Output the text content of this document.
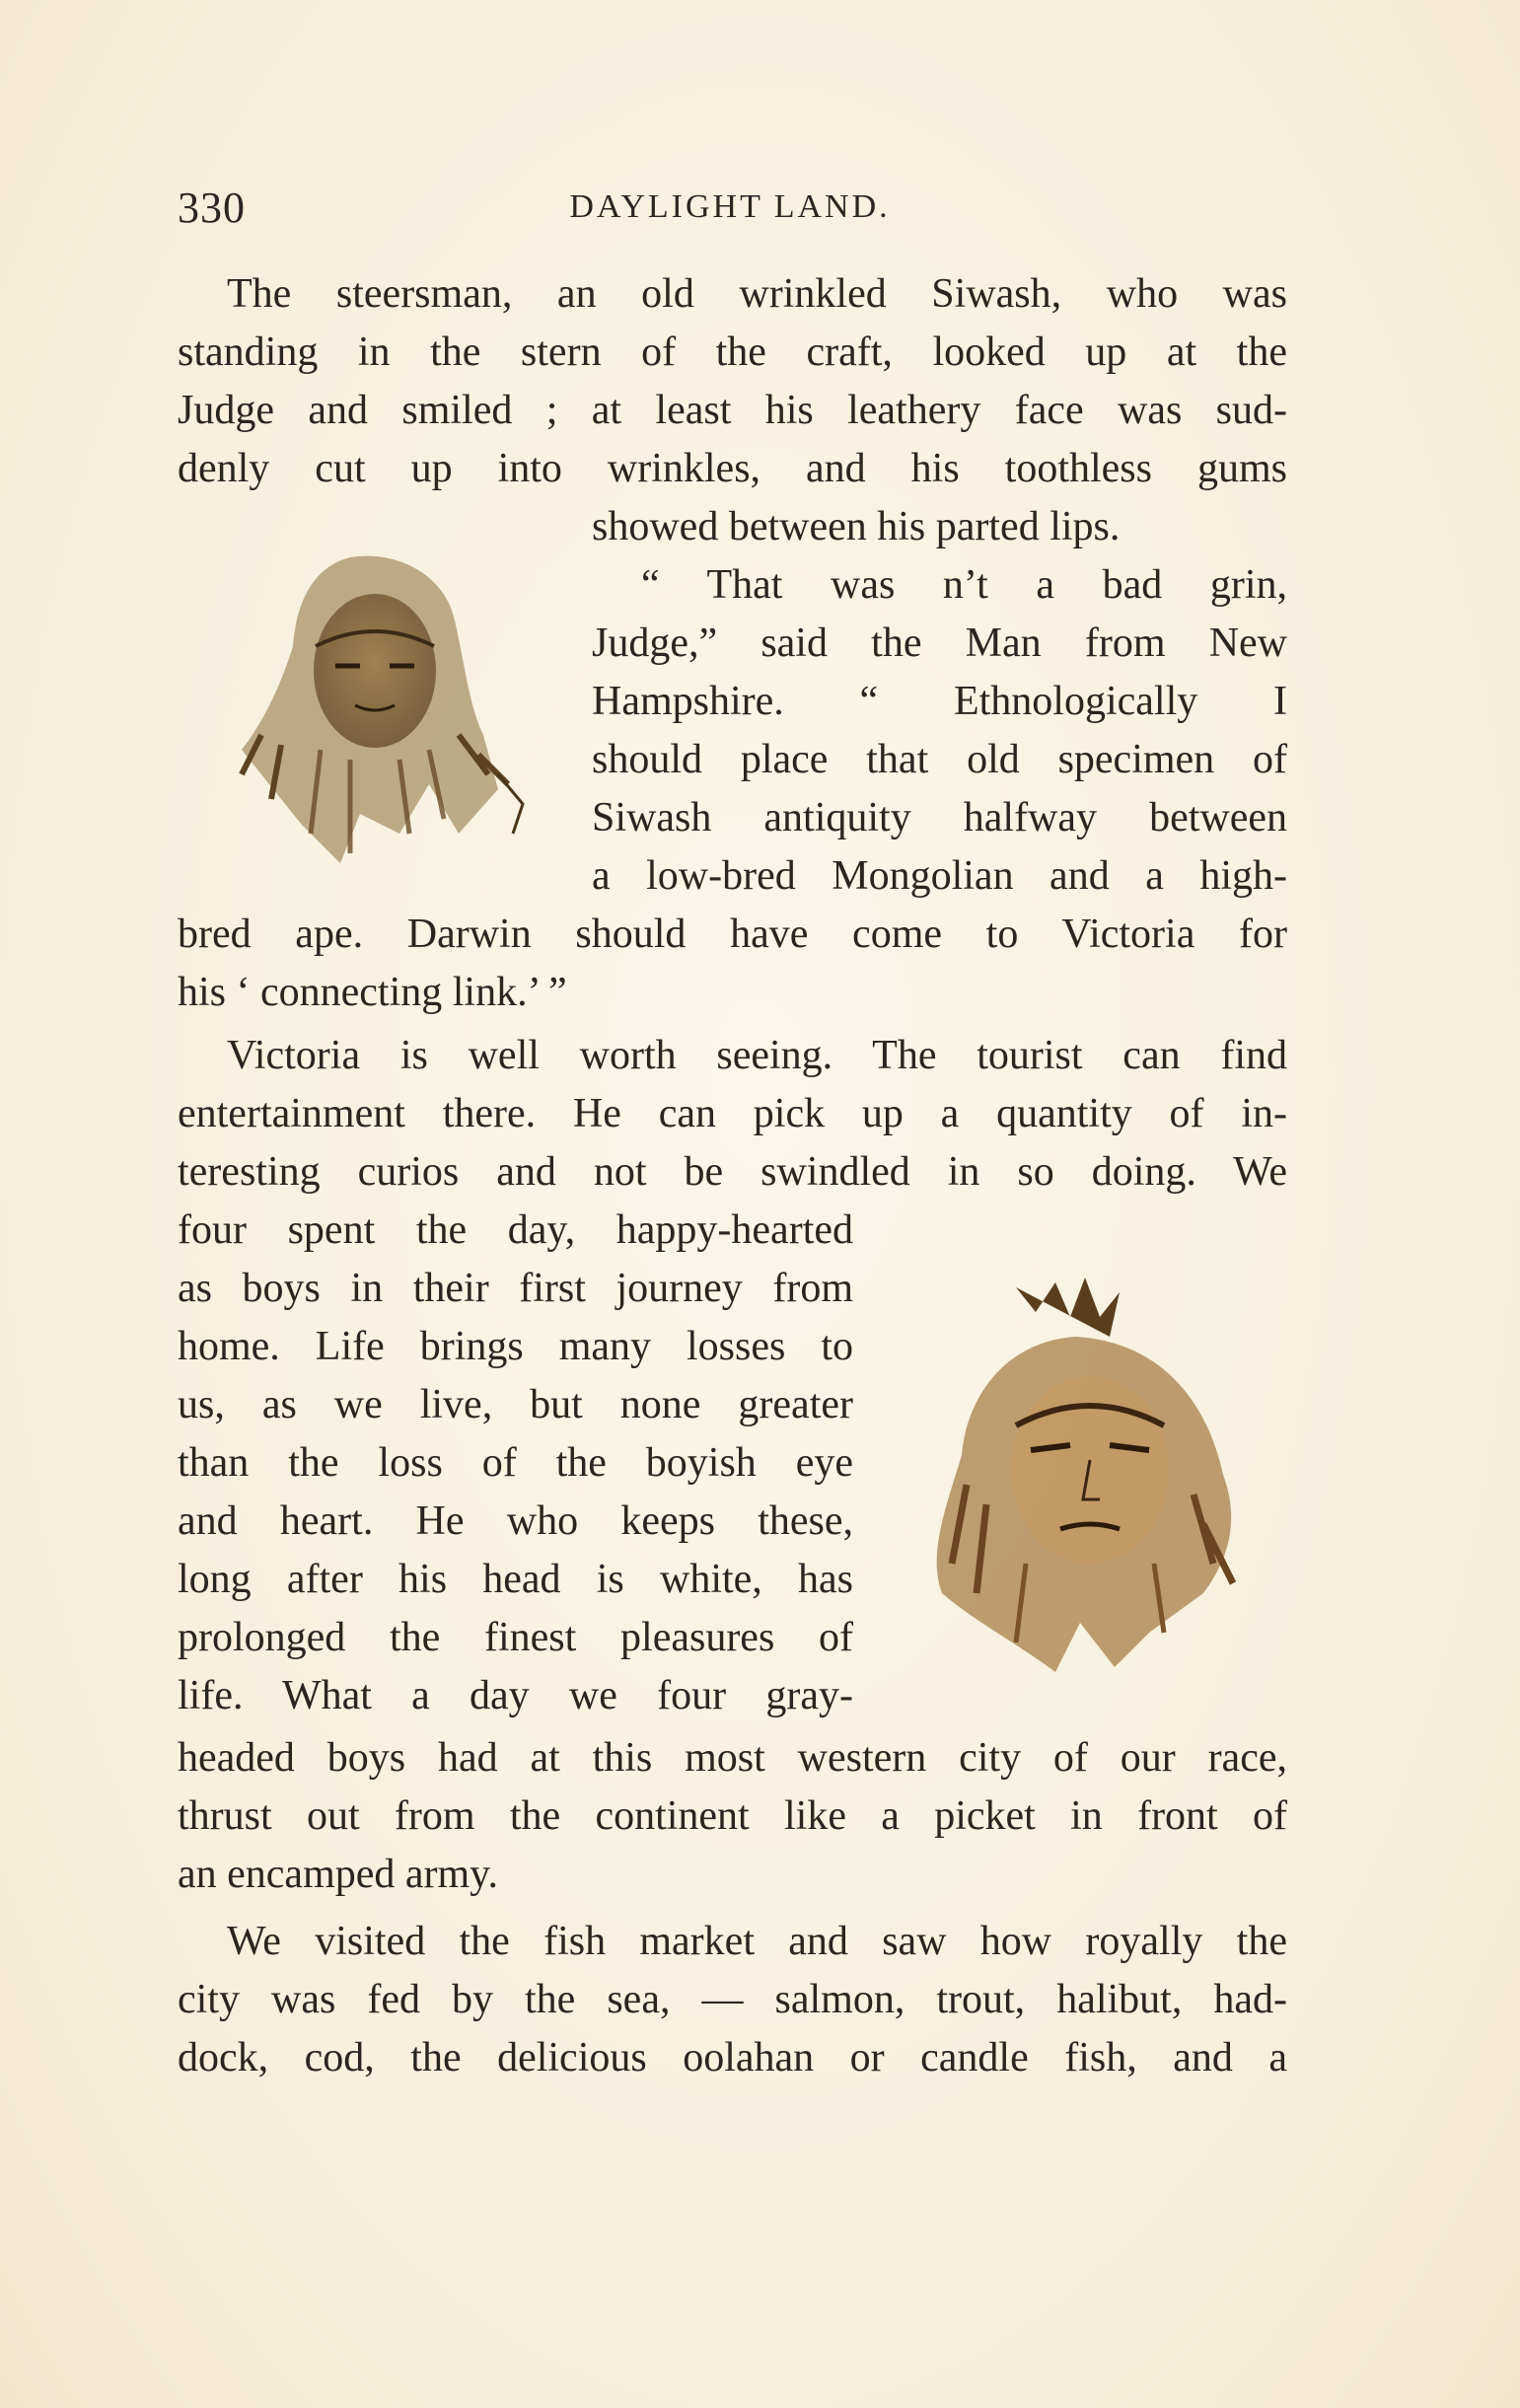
330	DAYLIGHT LAND.
The steersman, an old wrinkled Siwash, who was
standing in the stern of the craft, looked up at the
Judge and smiled ; at least his leathery face was sud-
denly cut up into wrinkles, and his toothless gums
showed between his parted lips.
“ That was n’t a bad grin,
Judge,” said the Man from New
Hampshire. “ Ethnologically I
should place that old specimen of
Siwash antiquity halfway between
a low-bred Mongolian and a high-
bred ape. Darwin should have come to Victoria for
his ‘ connecting link.’ ”
Victoria is well worth seeing. The tourist can find
entertainment there. He can pick up a quantity of in-
teresting curios and not be swindled in so doing. We
four spent the day, happy-hearted
as boys in their first journey from
home. Life brings many losses to
us, as we live, but none greater
than the loss of the boyish eye
and heart. He who keeps these,
long after his head is white, has
prolonged the finest pleasures of
life. What a day we four gray-
headed boys had at this most western city of our race,
thrust out from the continent like a picket in front of
an encamped army.
We visited the fish market and saw how royally the
city was fed by the sea, — salmon, trout, halibut, had-
dock, cod, the delicious oolahan or candle fish, and a
